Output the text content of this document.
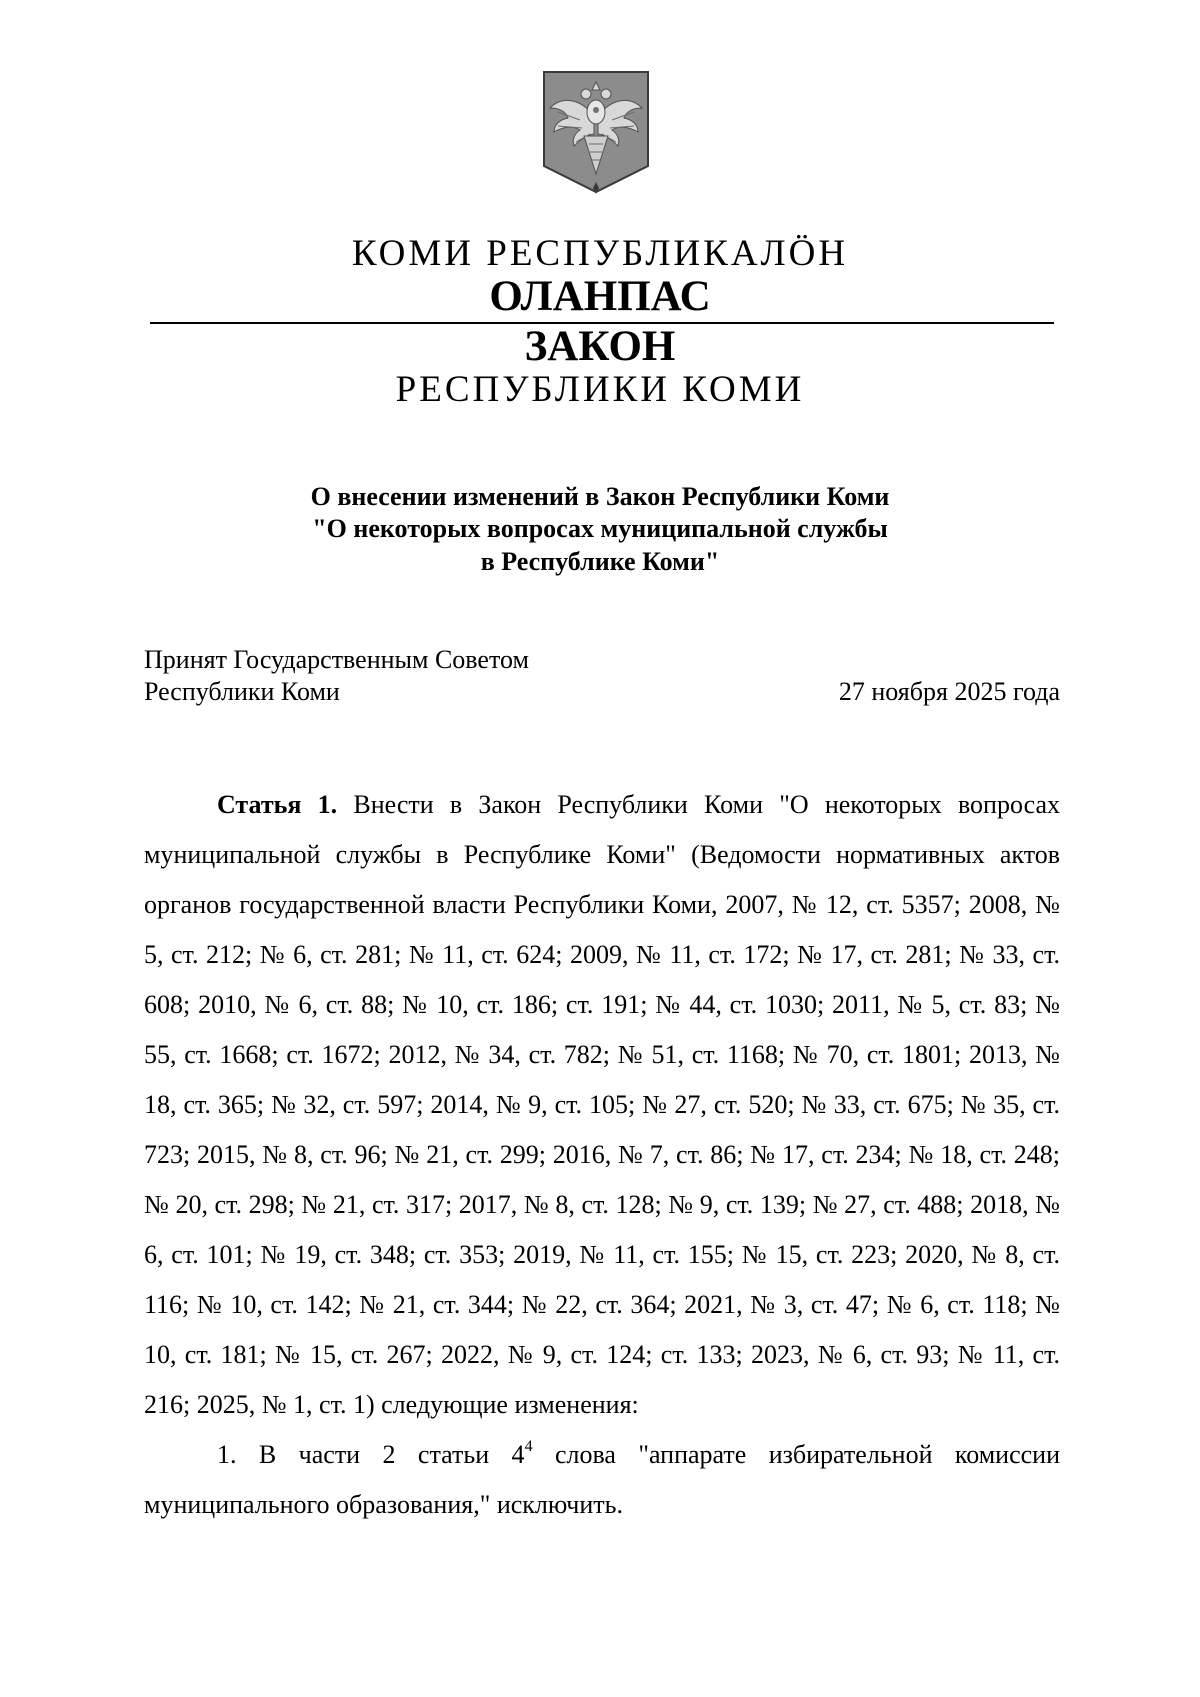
КОМИ РЕСПУБЛИКАЛӦН
ОЛАНПАС
ЗАКОН
РЕСПУБЛИКИ КОМИ
О внесении изменений в Закон Республики Коми
"О некоторых вопросах муниципальной службы
в Республике Коми"
Принят Государственным Советом
Республики Коми	27 ноября 2025 года

Статья 1. Внести в Закон Республики Коми "О некоторых вопросах муниципальной службы в Республике Коми" (Ведомости нормативных актов органов государственной власти Республики Коми, 2007, № 12, ст. 5357; 2008, № 5, ст. 212; № 6, ст. 281; № 11, ст. 624; 2009, № 11, ст. 172; № 17, ст. 281; № 33, ст. 608; 2010, № 6, ст. 88; № 10, ст. 186; ст. 191; № 44, ст. 1030; 2011, № 5, ст. 83; № 55, ст. 1668; ст. 1672; 2012, № 34, ст. 782; № 51, ст. 1168; № 70, ст. 1801; 2013, № 18, ст. 365; № 32, ст. 597; 2014, № 9, ст. 105; № 27, ст. 520; № 33, ст. 675; № 35, ст. 723; 2015, № 8, ст. 96; № 21, ст. 299; 2016, № 7, ст. 86; № 17, ст. 234; № 18, ст. 248; № 20, ст. 298; № 21, ст. 317; 2017, № 8, ст. 128; № 9, ст. 139; № 27, ст. 488; 2018, № 6, ст. 101; № 19, ст. 348; ст. 353; 2019, № 11, ст. 155; № 15, ст. 223; 2020, № 8, ст. 116; № 10, ст. 142; № 21, ст. 344; № 22, ст. 364; 2021, № 3, ст. 47; № 6, ст. 118; № 10, ст. 181; № 15, ст. 267; 2022, № 9, ст. 124; ст. 133; 2023, № 6, ст. 93; № 11, ст. 216; 2025, № 1, ст. 1) следующие изменения:

1. В части 2 статьи $4^4$ слова "аппарате избирательной комиссии муниципального образования," исключить.
